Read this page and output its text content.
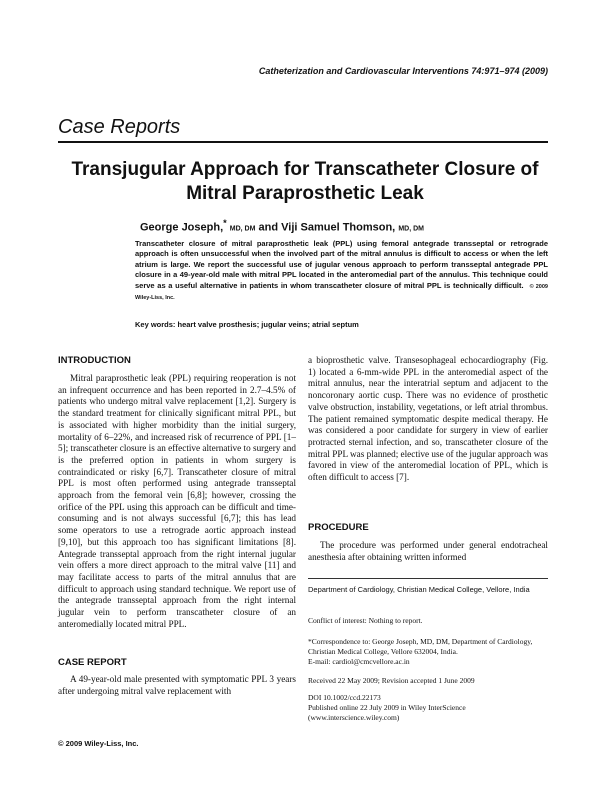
Catheterization and Cardiovascular Interventions 74:971–974 (2009)
Case Reports
Transjugular Approach for Transcatheter Closure of Mitral Paraprosthetic Leak
George Joseph,* MD, DM and Viji Samuel Thomson, MD, DM
Transcatheter closure of mitral paraprosthetic leak (PPL) using femoral antegrade transseptal or retrograde approach is often unsuccessful when the involved part of the mitral annulus is difficult to access or when the left atrium is large. We report the successful use of jugular venous approach to perform transseptal antegrade PPL closure in a 49-year-old male with mitral PPL located in the anteromedial part of the annulus. This technique could serve as a useful alternative in patients in whom transcatheter closure of mitral PPL is technically difficult. © 2009 Wiley-Liss, Inc.
Key words: heart valve prosthesis; jugular veins; atrial septum
INTRODUCTION

Mitral paraprosthetic leak (PPL) requiring reoperation is not an infrequent occurrence and has been reported in 2.7–4.5% of patients who undergo mitral valve replacement [1,2]. Surgery is the standard treatment for clinically significant mitral PPL, but is associated with higher morbidity than the initial surgery, mortality of 6–22%, and increased risk of recurrence of PPL [1–5]; transcatheter closure is an effective alternative to surgery and is the preferred option in patients in whom surgery is contraindicated or risky [6,7]. Transcatheter closure of mitral PPL is most often performed using antegrade transseptal approach from the femoral vein [6,8]; however, crossing the orifice of the PPL using this approach can be difficult and time-consuming and is not always successful [6,7]; this has lead some operators to use a retrograde aortic approach instead [9,10], but this approach too has significant limitations [8]. Antegrade transseptal approach from the right internal jugular vein offers a more direct approach to the mitral valve [11] and may facilitate access to parts of the mitral annulus that are difficult to approach using standard technique. We report use of the antegrade transseptal approach from the right internal jugular vein to perform transcatheter closure of an anteromedially located mitral PPL.

CASE REPORT

A 49-year-old male presented with symptomatic PPL 3 years after undergoing mitral valve replacement with

© 2009 Wiley-Liss, Inc.

a bioprosthetic valve. Transesophageal echocardiography (Fig. 1) located a 6-mm-wide PPL in the anteromedial aspect of the mitral annulus, near the interatrial septum and adjacent to the noncoronary aortic cusp. There was no evidence of prosthetic valve obstruction, instability, vegetations, or left atrial thrombus. The patient remained symptomatic despite medical therapy. He was considered a poor candidate for surgery in view of earlier protracted sternal infection, and so, transcatheter closure of the mitral PPL was planned; elective use of the jugular approach was favored in view of the anteromedial location of PPL, which is often difficult to access [7].

PROCEDURE

The procedure was performed under general endotracheal anesthesia after obtaining written informed

Department of Cardiology, Christian Medical College, Vellore, India

Conflict of interest: Nothing to report.

*Correspondence to: George Joseph, MD, DM, Department of Cardiology, Christian Medical College, Vellore 632004, India.

E-mail: cardiol@cmcvellore.ac.in

Received 22 May 2009; Revision accepted 1 June 2009

DOI 10.1002/ccd.22173

Published online 22 July 2009 in Wiley InterScience (www.interscience.wiley.com)
